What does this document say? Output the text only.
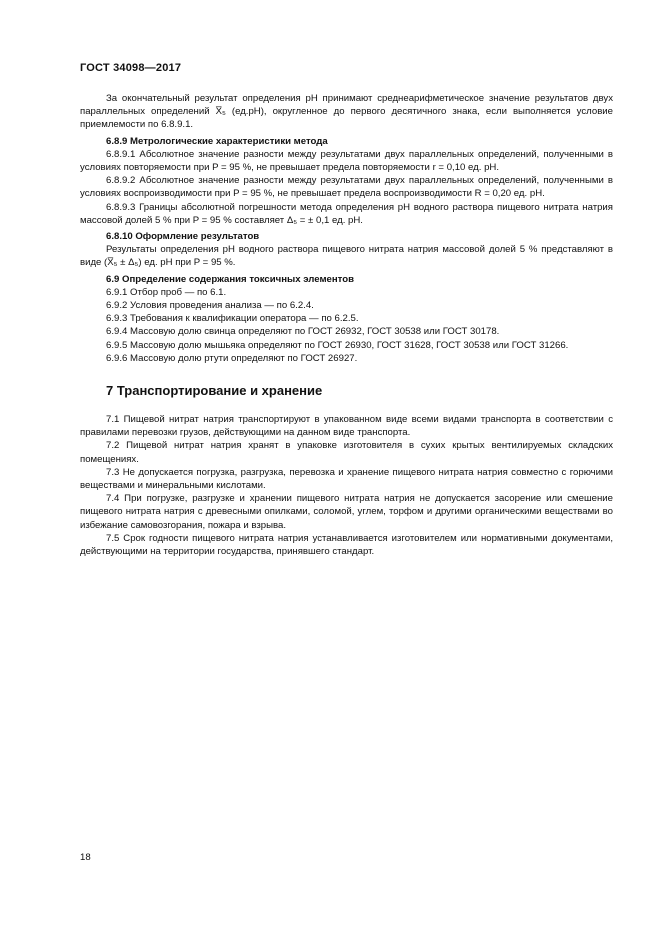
ГОСТ 34098—2017

За окончательный результат определения pH принимают среднеарифметическое значение результатов двух параллельных определений X̅₅ (ед.pH), округленное до первого десятичного знака, если выполняется условие приемлемости по 6.8.9.1.

6.8.9 Метрологические характеристики метода

6.8.9.1 Абсолютное значение разности между результатами двух параллельных определений, полученными в условиях повторяемости при P = 95 %, не превышает предела повторяемости r = 0,10 ед. pH.

6.8.9.2 Абсолютное значение разности между результатами двух параллельных определений, полученными в условиях воспроизводимости при P = 95 %, не превышает предела воспроизводимости R = 0,20 ед. pH.

6.8.9.3 Границы абсолютной погрешности метода определения pH водного раствора пищевого нитрата натрия массовой долей 5 % при P = 95 % составляет Δ₅ = ± 0,1 ед. pH.

6.8.10 Оформление результатов

Результаты определения pH водного раствора пищевого нитрата натрия массовой долей 5 % представляют в виде (X̅₅ ± Δ₅) ед. pH при P = 95 %.

6.9 Определение содержания токсичных элементов

6.9.1 Отбор проб — по 6.1.

6.9.2 Условия проведения анализа — по 6.2.4.

6.9.3 Требования к квалификации оператора — по 6.2.5.

6.9.4 Массовую долю свинца определяют по ГОСТ 26932, ГОСТ 30538 или ГОСТ 30178.

6.9.5 Массовую долю мышьяка определяют по ГОСТ 26930, ГОСТ 31628, ГОСТ 30538 или ГОСТ 31266.

6.9.6 Массовую долю ртути определяют по ГОСТ 26927.

7 Транспортирование и хранение

7.1 Пищевой нитрат натрия транспортируют в упакованном виде всеми видами транспорта в соответствии с правилами перевозки грузов, действующими на данном виде транспорта.

7.2 Пищевой нитрат натрия хранят в упаковке изготовителя в сухих крытых вентилируемых складских помещениях.

7.3 Не допускается погрузка, разгрузка, перевозка и хранение пищевого нитрата натрия совместно с горючими веществами и минеральными кислотами.

7.4 При погрузке, разгрузке и хранении пищевого нитрата натрия не допускается засорение или смешение пищевого нитрата натрия с древесными опилками, соломой, углем, торфом и другими органическими веществами во избежание самовозгорания, пожара и взрыва.

7.5 Срок годности пищевого нитрата натрия устанавливается изготовителем или нормативными документами, действующими на территории государства, принявшего стандарт.

18
